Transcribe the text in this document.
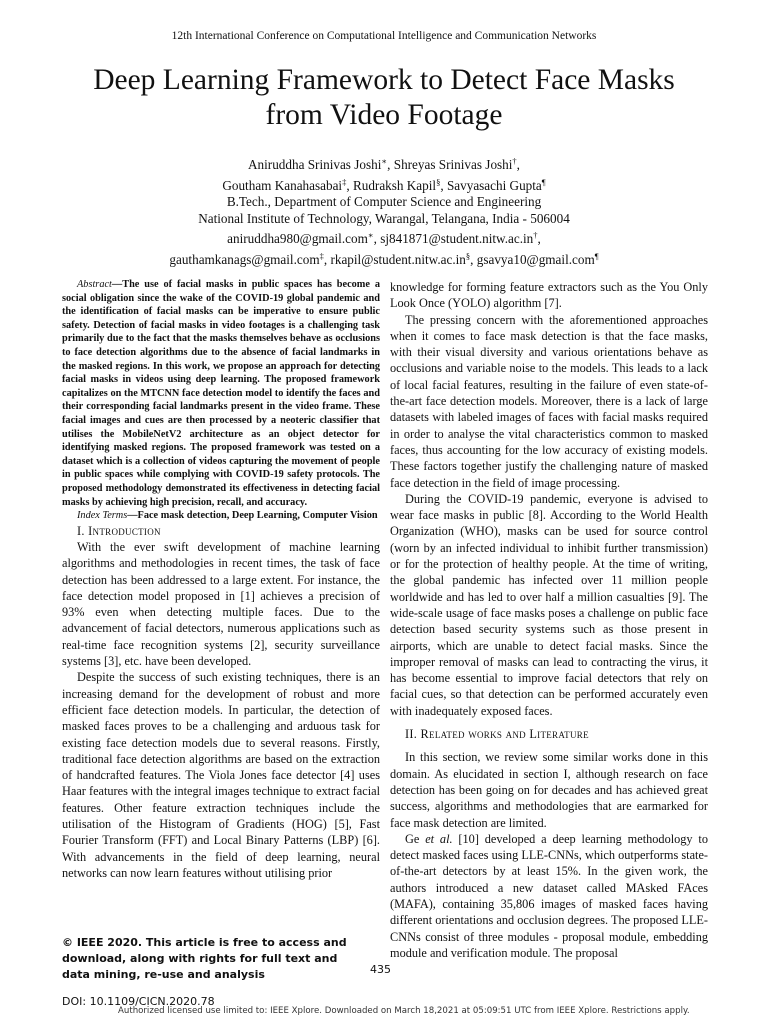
12th International Conference on Computational Intelligence and Communication Networks
Deep Learning Framework to Detect Face Masks
from Video Footage
Aniruddha Srinivas Joshi∗, Shreyas Srinivas Joshi†,
Goutham Kanahasabai‡, Rudraksh Kapil§, Savyasachi Gupta¶
B.Tech., Department of Computer Science and Engineering
National Institute of Technology, Warangal, Telangana, India - 506004
aniruddha980@gmail.com∗, sj841871@student.nitw.ac.in†,
gauthamkanags@gmail.com‡, rkapil@student.nitw.ac.in§, gsavya10@gmail.com¶

Abstract—The use of facial masks in public spaces has become a social obligation since the wake of the COVID-19 global pandemic and the identification of facial masks can be imperative to ensure public safety. Detection of facial masks in video footages is a challenging task primarily due to the fact that the masks themselves behave as occlusions to face detection algorithms due to the absence of facial landmarks in the masked regions. In this work, we propose an approach for detecting facial masks in videos using deep learning. The proposed framework capitalizes on the MTCNN face detection model to identify the faces and their corresponding facial landmarks present in the video frame. These facial images and cues are then processed by a neoteric classifier that utilises the MobileNetV2 architecture as an object detector for identifying masked regions. The proposed framework was tested on a dataset which is a collection of videos capturing the movement of people in public spaces while complying with COVID-19 safety protocols. The proposed methodology demonstrated its effectiveness in detecting facial masks by achieving high precision, recall, and accuracy.

Index Terms—Face mask detection, Deep Learning, Computer Vision

I. Introduction

With the ever swift development of machine learning algorithms and methodologies in recent times, the task of face detection has been addressed to a large extent. For instance, the face detection model proposed in [1] achieves a precision of 93% even when detecting multiple faces. Due to the advancement of facial detectors, numerous applications such as real-time face recognition systems [2], security surveillance systems [3], etc. have been developed.

Despite the success of such existing techniques, there is an increasing demand for the development of robust and more efficient face detection models. In particular, the detection of masked faces proves to be a challenging and arduous task for existing face detection models due to several reasons. Firstly, traditional face detection algorithms are based on the extraction of handcrafted features. The Viola Jones face detector [4] uses Haar features with the integral images technique to extract facial features. Other feature extraction techniques include the utilisation of the Histogram of Gradients (HOG) [5], Fast Fourier Transform (FFT) and Local Binary Patterns (LBP) [6]. With advancements in the field of deep learning, neural networks can now learn features without utilising prior

knowledge for forming feature extractors such as the You Only Look Once (YOLO) algorithm [7].

The pressing concern with the aforementioned approaches when it comes to face mask detection is that the face masks, with their visual diversity and various orientations behave as occlusions and variable noise to the models. This leads to a lack of local facial features, resulting in the failure of even state-of-the-art face detection models. Moreover, there is a lack of large datasets with labeled images of faces with facial masks required in order to analyse the vital characteristics common to masked faces, thus accounting for the low accuracy of existing models. These factors together justify the challenging nature of masked face detection in the field of image processing.

During the COVID-19 pandemic, everyone is advised to wear face masks in public [8]. According to the World Health Organization (WHO), masks can be used for source control (worn by an infected individual to inhibit further transmission) or for the protection of healthy people. At the time of writing, the global pandemic has infected over 11 million people worldwide and has led to over half a million casualties [9]. The wide-scale usage of face masks poses a challenge on public face detection based security systems such as those present in airports, which are unable to detect facial masks. Since the improper removal of masks can lead to contracting the virus, it has become essential to improve facial detectors that rely on facial cues, so that detection can be performed accurately even with inadequately exposed faces.

II. Related works and Literature

In this section, we review some similar works done in this domain. As elucidated in section I, although research on face detection has been going on for decades and has achieved great success, algorithms and methodologies that are earmarked for face mask detection are limited.

Ge et al. [10] developed a deep learning methodology to detect masked faces using LLE-CNNs, which outperforms state-of-the-art detectors by at least 15%. In the given work, the authors introduced a new dataset called MAsked FAces (MAFA), containing 35,806 images of masked faces having different orientations and occlusion degrees. The proposed LLE-CNNs consist of three modules - proposal module, embedding module and verification module. The proposal

© IEEE 2020. This article is free to access and download, along with rights for full text and data mining, re-use and analysis	435
DOI: 10.1109/CICN.2020.78
Authorized licensed use limited to: IEEE Xplore. Downloaded on March 18,2021 at 05:09:51 UTC from IEEE Xplore. Restrictions apply.
